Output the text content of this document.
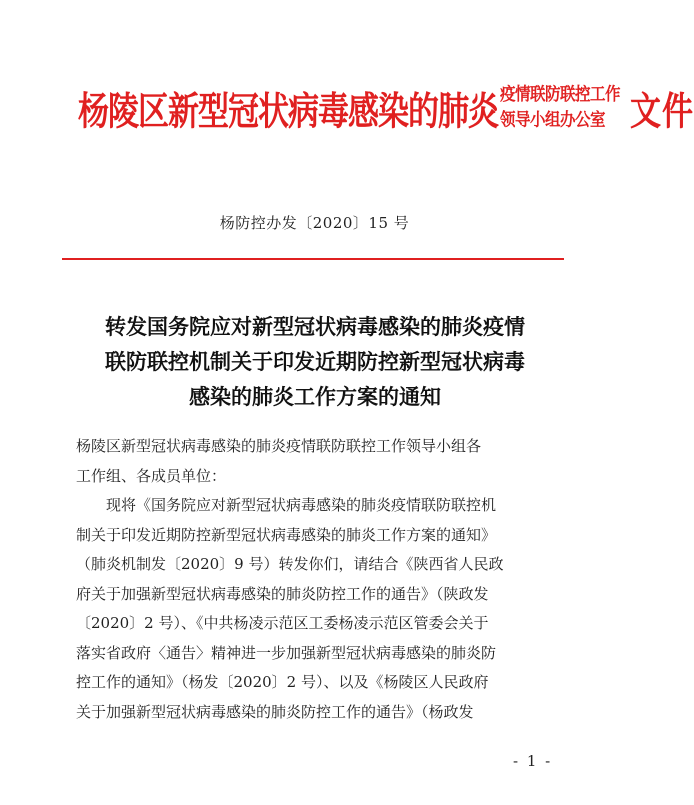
杨陵区新型冠状病毒感染的肺炎 疫情联防联控工作
领导小组办公室 文件
杨防控办发〔2020〕15 号
转发国务院应对新型冠状病毒感染的肺炎疫情
联防联控机制关于印发近期防控新型冠状病毒
感染的肺炎工作方案的通知

杨陵区新型冠状病毒感染的肺炎疫情联防联控工作领导小组各
工作组、各成员单位：

现将《国务院应对新型冠状病毒感染的肺炎疫情联防联控机
制关于印发近期防控新型冠状病毒感染的肺炎工作方案的通知》
（肺炎机制发〔2020〕9 号）转发你们，请结合《陕西省人民政
府关于加强新型冠状病毒感染的肺炎防控工作的通告》（陕政发
〔2020〕2 号）、《中共杨凌示范区工委杨凌示范区管委会关于
落实省政府〈通告〉精神进一步加强新型冠状病毒感染的肺炎防
控工作的通知》（杨发〔2020〕2 号）、以及《杨陵区人民政府
关于加强新型冠状病毒感染的肺炎防控工作的通告》（杨政发

- 1 -
